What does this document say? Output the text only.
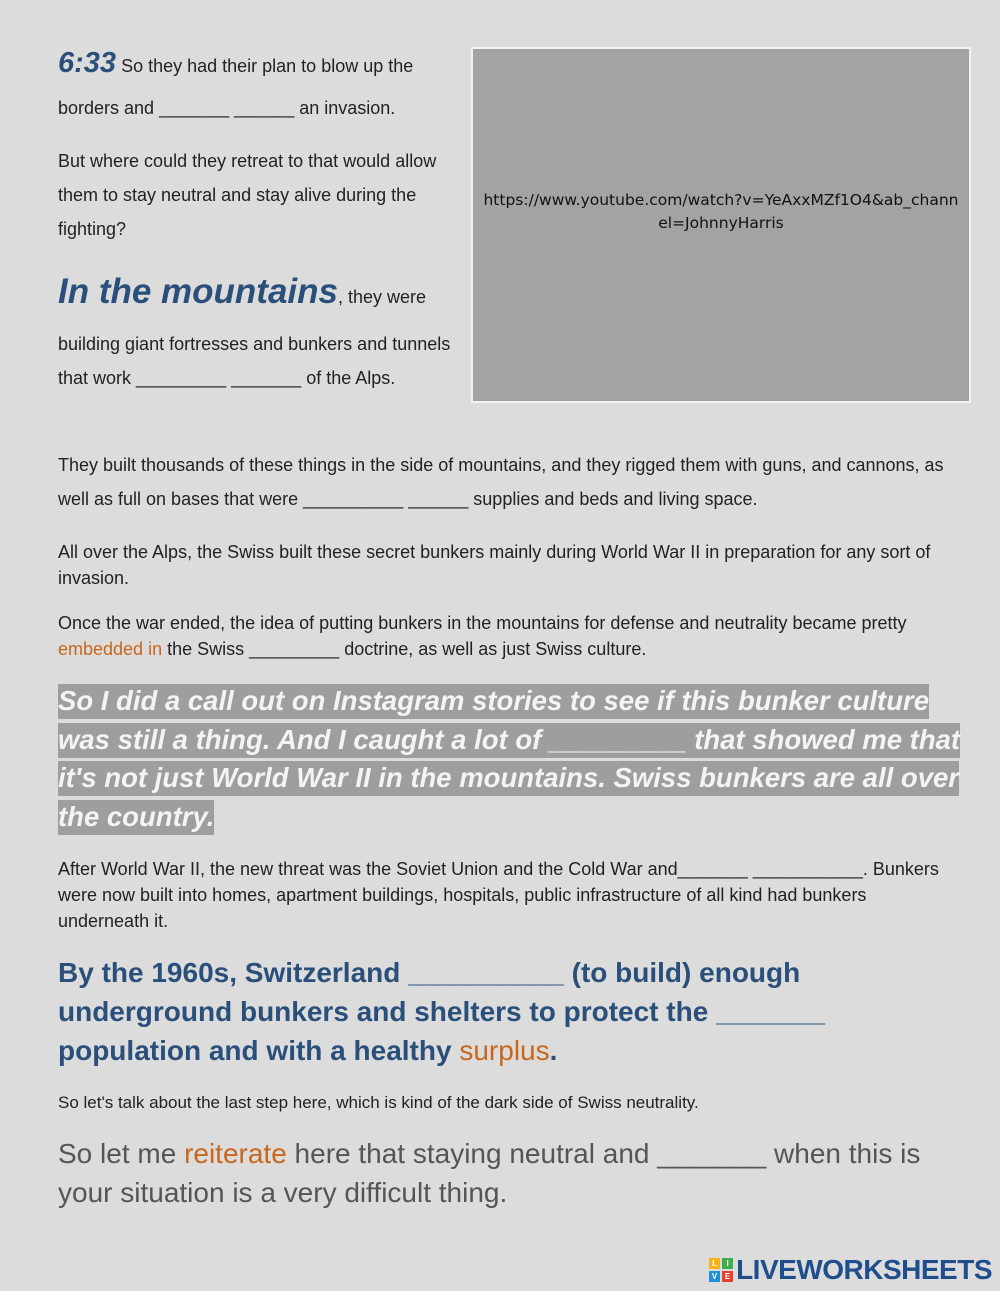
6:33 So they had their plan to blow up the
borders and _______ ______ an invasion.
But where could they retreat to that would allow them to stay neutral and stay alive during the fighting?
In the mountains, they were
building giant fortresses and bunkers and tunnels that work _________ _______ of the Alps.
https://www.youtube.com/watch?v=YeAxxMZf1O4&ab_channel=JohnnyHarris
They built thousands of these things in the side of mountains, and they rigged them with guns, and cannons, as well as full on bases that were __________ ______ supplies and beds and living space.
All over the Alps, the Swiss built these secret bunkers mainly during World War II in preparation for any sort of invasion.
Once the war ended, the idea of putting bunkers in the mountains for defense and neutrality became pretty embedded in the Swiss _________ doctrine, as well as just Swiss culture.
So I did a call out on Instagram stories to see if this bunker culture was still a thing. And I caught a lot of _________ that showed me that it's not just World War II in the mountains. Swiss bunkers are all over the country.
After World War II, the new threat was the Soviet Union and the Cold War and_______ ___________. Bunkers were now built into homes, apartment buildings, hospitals, public infrastructure of all kind had bunkers underneath it.
By the 1960s, Switzerland __________ (to build) enough underground bunkers and shelters to protect the _______ population and with a healthy surplus.
So let's talk about the last step here, which is kind of the dark side of Swiss neutrality.
So let me reiterate here that staying neutral and _______ when this is your situation is a very difficult thing.
L	I
V E LIVEWORKSHEETS
